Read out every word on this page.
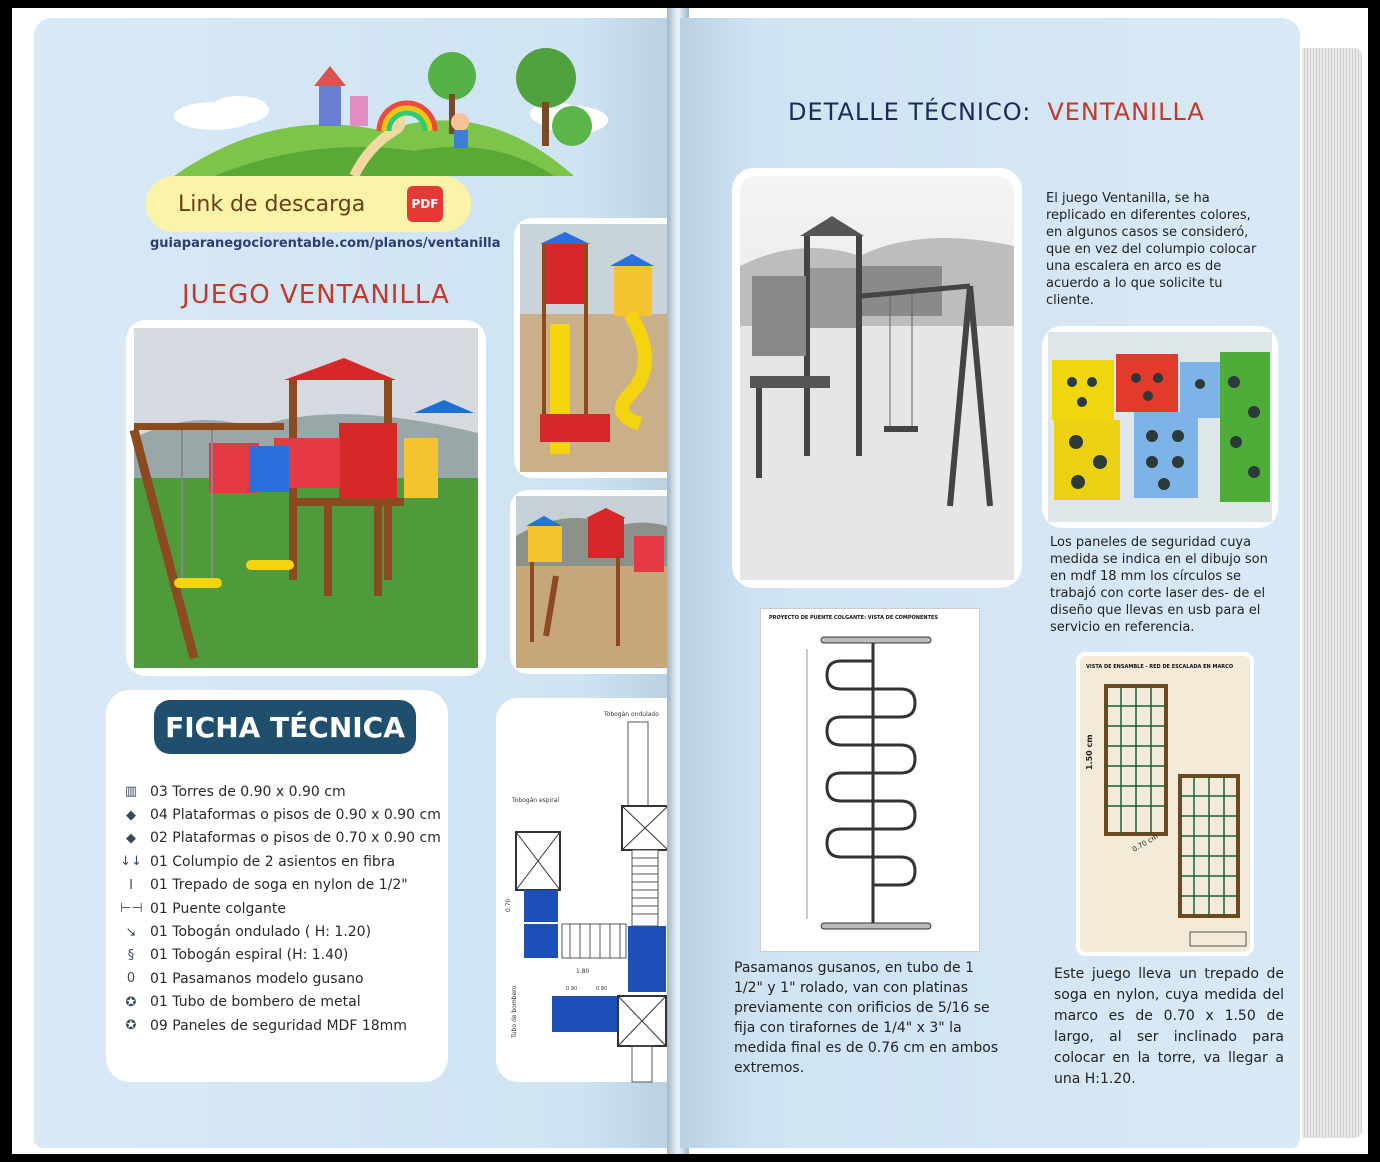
Link de descarga	PDF
guiaparanegociorentable.com/planos/ventanilla
JUEGO VENTANILLA
FICHA TÉCNICA
▥ 03 Torres de 0.90 x 0.90 cm
◆	04 Plataformas o pisos de 0.90 x 0.90 cm
◆	02 Plataformas o pisos de 0.70 x 0.90 cm
↓↓ 01 Columpio de 2 asientos en fibra
I	01 Trepado de soga en nylon de 1/2"
⊢⊣ 01 Puente colgante
↘ 01 Tobogán ondulado ( H: 1.20)
§	01 Tobogán espiral (H: 1.40)
0	01 Pasamanos modelo gusano
✪ 01 Tubo de bombero de metal
✪ 09 Paneles de seguridad MDF 18mm
Tobogán ondulado
Tobogán espiral
1.80
0.90	0.90
0.70
Tubo de bombero
DETALLE TÉCNICO: VENTANILLA
El juego Ventanilla, se ha replicado en diferentes colores, en algunos casos se consideró, que en vez del columpio colocar una escalera en arco es de acuerdo a lo que solicite tu cliente.
Los paneles de seguridad cuya medida se indica en el dibujo son en mdf 18 mm los círculos se trabajó con corte laser des- de el diseño que llevas en usb para el servicio en referencia.
PROYECTO DE PUENTE COLGANTE: VISTA DE COMPONENTES
Pasamanos gusanos, en tubo de 1 1/2" y 1" rolado, van con platinas previamente con orificios de 5/16 se fija con tirafornes de 1/4" x 3" la medida final es de 0.76 cm en ambos extremos.
VISTA DE ENSAMBLE - RED DE ESCALADA EN MARCO
1.50 cm
0.70 cm
Este juego lleva un trepado de soga en nylon, cuya medida del marco es de 0.70 x 1.50 de largo, al ser inclinado para colocar en la torre, va llegar a una H:1.20.
